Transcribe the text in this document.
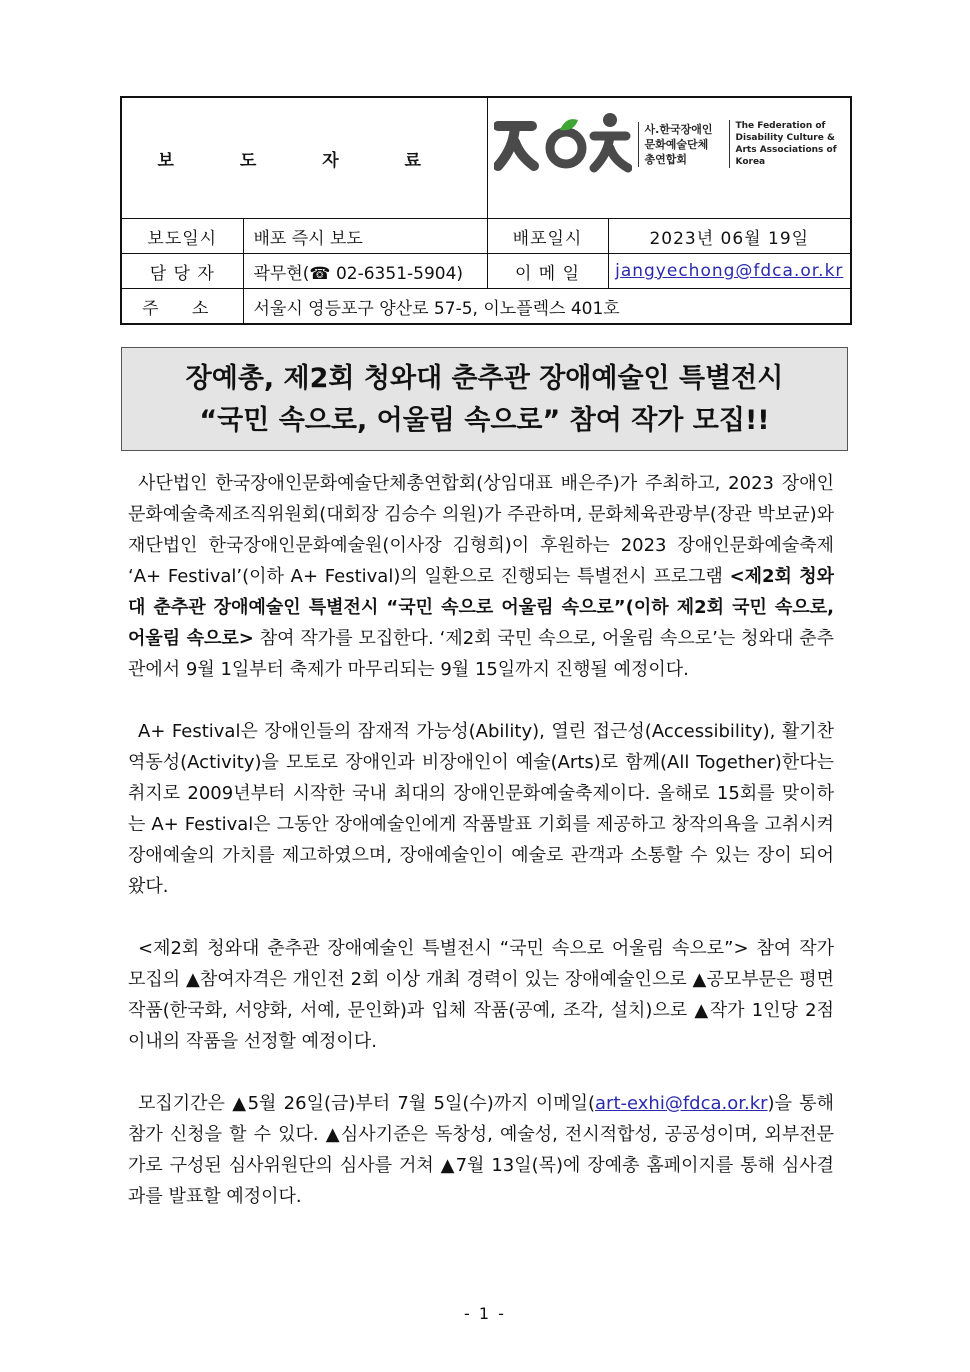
보 도 자 료		사.한국장애인 문화예술단체 총연합회
The Federation of Disability Culture & Arts Associations of Korea	

보도일시	배포 즉시 보도	배포일시	2023년 06월 19일
담 당 자	곽무현(☎ 02-6351-5904)	이 메 일	jangyechong@fdca.or.kr
주 소	서울시 영등포구 양산로 57-5, 이노플렉스 401호		
장예총, 제2회 청와대 춘추관 장애예술인 특별전시
“국민 속으로, 어울림 속으로” 참여 작가 모집!!

사단법인 한국장애인문화예술단체총연합회(상임대표 배은주)가 주최하고, 2023 장애인문화예술축제조직위원회(대회장 김승수 의원)가 주관하며, 문화체육관광부(장관 박보균)와 재단법인 한국장애인문화예술원(이사장 김형희)이 후원하는 2023 장애인문화예술축제 ‘A+ Festival’(이하 A+ Festival)의 일환으로 진행되는 특별전시 프로그램 <제2회 청와대 춘추관 장애예술인 특별전시 “국민 속으로 어울림 속으로”(이하 제2회 국민 속으로, 어울림 속으로> 참여 작가를 모집한다. ‘제2회 국민 속으로, 어울림 속으로’는 청와대 춘추관에서 9월 1일부터 축제가 마무리되는 9월 15일까지 진행될 예정이다.

A+ Festival은 장애인들의 잠재적 가능성(Ability), 열린 접근성(Accessibility), 활기찬 역동성(Activity)을 모토로 장애인과 비장애인이 예술(Arts)로 함께(All Together)한다는 취지로 2009년부터 시작한 국내 최대의 장애인문화예술축제이다. 올해로 15회를 맞이하는 A+ Festival은 그동안 장애예술인에게 작품발표 기회를 제공하고 창작의욕을 고취시켜 장애예술의 가치를 제고하였으며, 장애예술인이 예술로 관객과 소통할 수 있는 장이 되어왔다.

<제2회 청와대 춘추관 장애예술인 특별전시 “국민 속으로 어울림 속으로”> 참여 작가 모집의 ▲참여자격은 개인전 2회 이상 개최 경력이 있는 장애예술인으로 ▲공모부문은 평면 작품(한국화, 서양화, 서예, 문인화)과 입체 작품(공예, 조각, 설치)으로 ▲작가 1인당 2점 이내의 작품을 선정할 예정이다.

모집기간은 ▲5월 26일(금)부터 7월 5일(수)까지 이메일(art-exhi@fdca.or.kr)을 통해 참가 신청을 할 수 있다. ▲심사기준은 독창성, 예술성, 전시적합성, 공공성이며, 외부전문가로 구성된 심사위원단의 심사를 거쳐 ▲7월 13일(목)에 장예총 홈페이지를 통해 심사결과를 발표할 예정이다.

- 1 -
